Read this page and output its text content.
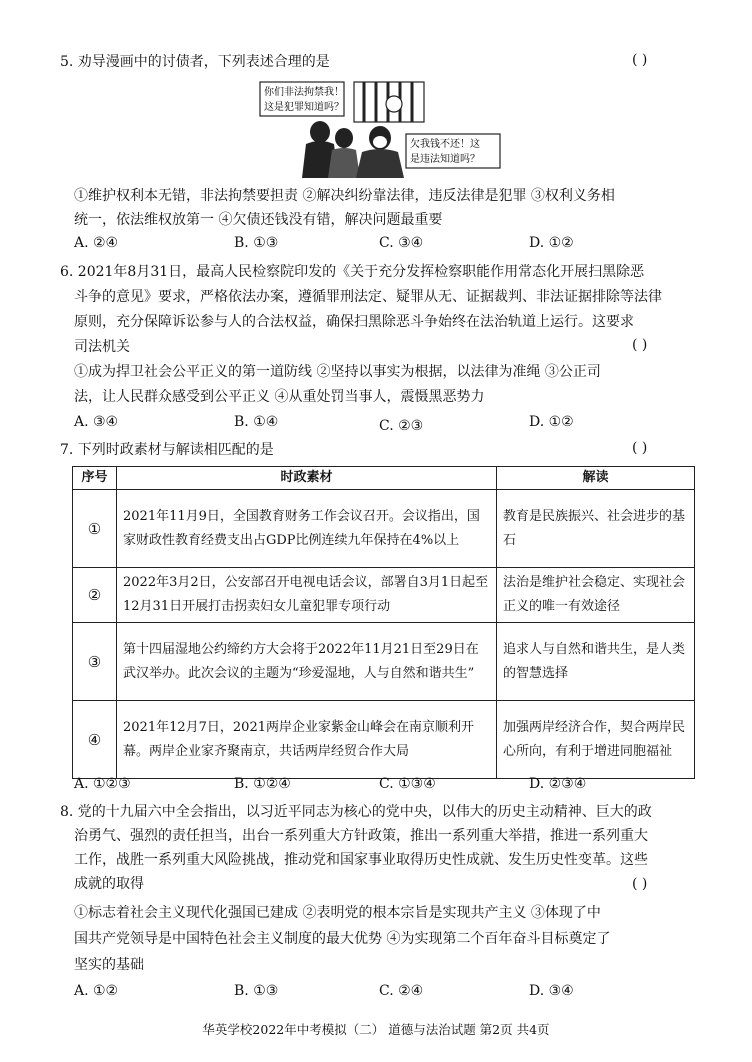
5. 劝导漫画中的讨债者，下列表述合理的是	( )
你们非法拘禁我！
这是犯罪知道吗？
欠我钱不还！这
是违法知道吗？
①维护权利本无错，非法拘禁要担责 ②解决纠纷靠法律，违反法律是犯罪 ③权利义务相
统一，依法维权放第一 ④欠债还钱没有错，解决问题最重要
A. ②④	B. ①③	C. ③④	D. ①②
6. 2021年8月31日，最高人民检察院印发的《关于充分发挥检察职能作用常态化开展扫黑除恶
斗争的意见》要求，严格依法办案，遵循罪刑法定、疑罪从无、证据裁判、非法证据排除等法律
原则，充分保障诉讼参与人的合法权益，确保扫黑除恶斗争始终在法治轨道上运行。这要求
司法机关	( )
①成为捍卫社会公平正义的第一道防线 ②坚持以事实为根据，以法律为准绳 ③公正司
法，让人民群众感受到公平正义 ④从重处罚当事人，震慑黑恶势力
A. ③④	B. ①④	C. ②③	D. ①②
7. 下列时政素材与解读相匹配的是	( )
序号	时政素材	解读
①	2021年11月9日，全国教育财务工作会议召开。会议指出，国家财政性教育经费支出占GDP比例连续九年保持在4%以上	教育是民族振兴、社会进步的基石
②	2022年3月2日，公安部召开电视电话会议，部署自3月1日起至12月31日开展打击拐卖妇女儿童犯罪专项行动	法治是维护社会稳定、实现社会正义的唯一有效途径
③	第十四届湿地公约缔约方大会将于2022年11月21日至29日在武汉举办。此次会议的主题为“珍爱湿地，人与自然和谐共生”	追求人与自然和谐共生，是人类的智慧选择
④	2021年12月7日，2021两岸企业家紫金山峰会在南京顺利开幕。两岸企业家齐聚南京，共话两岸经贸合作大局	加强两岸经济合作，契合两岸民心所向，有利于增进同胞福祉
A. ①②③	B. ①②④	C. ①③④	D. ②③④
8. 党的十九届六中全会指出，以习近平同志为核心的党中央，以伟大的历史主动精神、巨大的政
治勇气、强烈的责任担当，出台一系列重大方针政策，推出一系列重大举措，推进一系列重大
工作，战胜一系列重大风险挑战，推动党和国家事业取得历史性成就、发生历史性变革。这些
成就的取得	( )
①标志着社会主义现代化强国已建成 ②表明党的根本宗旨是实现共产主义 ③体现了中
国共产党领导是中国特色社会主义制度的最大优势 ④为实现第二个百年奋斗目标奠定了
坚实的基础
A. ①②	B. ①③	C. ②④	D. ③④
华英学校2022年中考模拟（二） 道德与法治试题 第2页 共4页
